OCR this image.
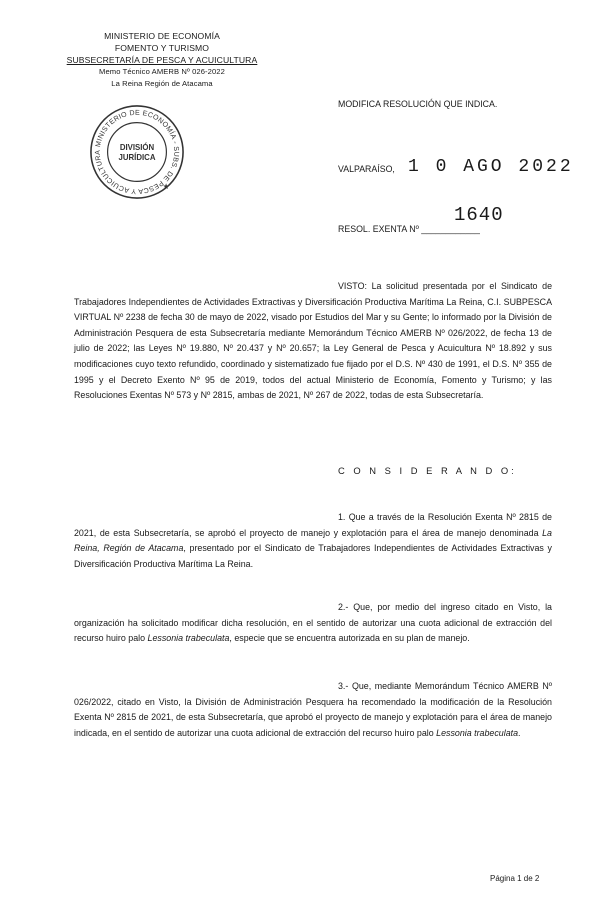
MINISTERIO DE ECONOMÍA
FOMENTO Y TURISMO
SUBSECRETARÍA DE PESCA Y ACUICULTURA
Memo Técnico AMERB Nº 026-2022
La Reina Región de Atacama
MINISTERIO DE ECONOMÍA - SUBS. DE PESCA Y ACUICULTURA
DIVISIÓN
JURÍDICA
★
MODIFICA RESOLUCIÓN QUE INDICA.
VALPARAÍSO, 1 0 AGO 2022
RESOL. EXENTA Nº ____________
1640
VISTO: La solicitud presentada por el Sindicato de Trabajadores Independientes de Actividades Extractivas y Diversificación Productiva Marítima La Reina, C.I. SUBPESCA VIRTUAL Nº 2238 de fecha 30 de mayo de 2022, visado por Estudios del Mar y su Gente; lo informado por la División de Administración Pesquera de esta Subsecretaría mediante Memorándum Técnico AMERB Nº 026/2022, de fecha 13 de julio de 2022; las Leyes Nº 19.880, Nº 20.437 y Nº 20.657; la Ley General de Pesca y Acuicultura Nº 18.892 y sus modificaciones cuyo texto refundido, coordinado y sistematizado fue fijado por el D.S. Nº 430 de 1991, el D.S. Nº 355 de 1995 y el Decreto Exento Nº 95 de 2019, todos del actual Ministerio de Economía, Fomento y Turismo; y las Resoluciones Exentas Nº 573 y Nº 2815, ambas de 2021, Nº 267 de 2022, todas de esta Subsecretaría.
C O N S I D E R A N D O:
1. Que a través de la Resolución Exenta Nº 2815 de 2021, de esta Subsecretaría, se aprobó el proyecto de manejo y explotación para el área de manejo denominada La Reina, Región de Atacama, presentado por el Sindicato de Trabajadores Independientes de Actividades Extractivas y Diversificación Productiva Marítima La Reina.
2.- Que, por medio del ingreso citado en Visto, la organización ha solicitado modificar dicha resolución, en el sentido de autorizar una cuota adicional de extracción del recurso huiro palo Lessonia trabeculata, especie que se encuentra autorizada en su plan de manejo.
3.- Que, mediante Memorándum Técnico AMERB Nº 026/2022, citado en Visto, la División de Administración Pesquera ha recomendado la modificación de la Resolución Exenta Nº 2815 de 2021, de esta Subsecretaría, que aprobó el proyecto de manejo y explotación para el área de manejo indicada, en el sentido de autorizar una cuota adicional de extracción del recurso huiro palo Lessonia trabeculata.
Página 1 de 2
